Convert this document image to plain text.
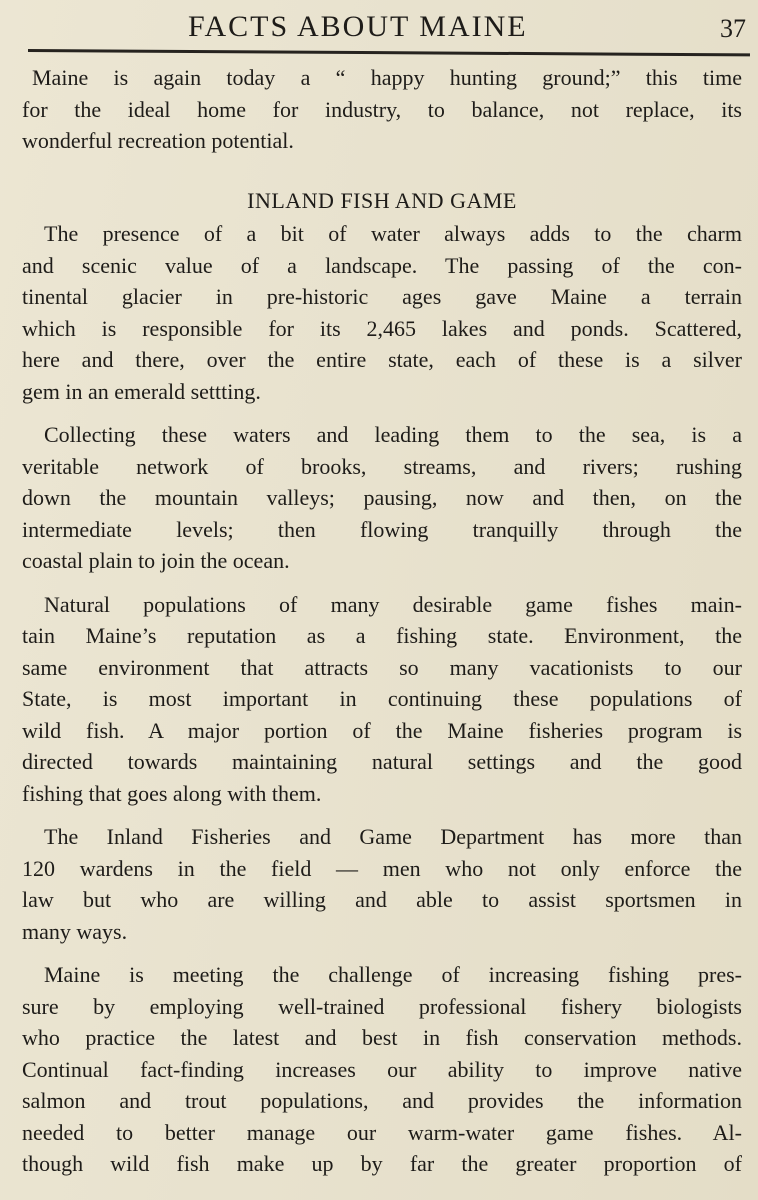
FACTS ABOUT MAINE	37

Maine is again today a “ happy hunting ground;” this time
for the ideal home for industry, to balance, not replace, its
wonderful recreation potential.

INLAND FISH AND GAME

The presence of a bit of water always adds to the charm
and scenic value of a landscape. The passing of the con-
tinental glacier in pre-historic ages gave Maine a terrain
which is responsible for its 2,465 lakes and ponds. Scattered,
here and there, over the entire state, each of these is a silver
gem in an emerald settting.

Collecting these waters and leading them to the sea, is a
veritable network of brooks, streams, and rivers; rushing
down the mountain valleys; pausing, now and then, on the
intermediate levels; then flowing tranquilly through the
coastal plain to join the ocean.

Natural populations of many desirable game fishes main-
tain Maine’s reputation as a fishing state. Environment, the
same environment that attracts so many vacationists to our
State, is most important in continuing these populations of
wild fish. A major portion of the Maine fisheries program is
directed towards maintaining natural settings and the good
fishing that goes along with them.

The Inland Fisheries and Game Department has more than
120 wardens in the field — men who not only enforce the
law but who are willing and able to assist sportsmen in
many ways.

Maine is meeting the challenge of increasing fishing pres-
sure by employing well-trained professional fishery biologists
who practice the latest and best in fish conservation methods.
Continual fact-finding increases our ability to improve native
salmon and trout populations, and provides the information
needed to better manage our warm-water game fishes. Al-
though wild fish make up by far the greater proportion of
